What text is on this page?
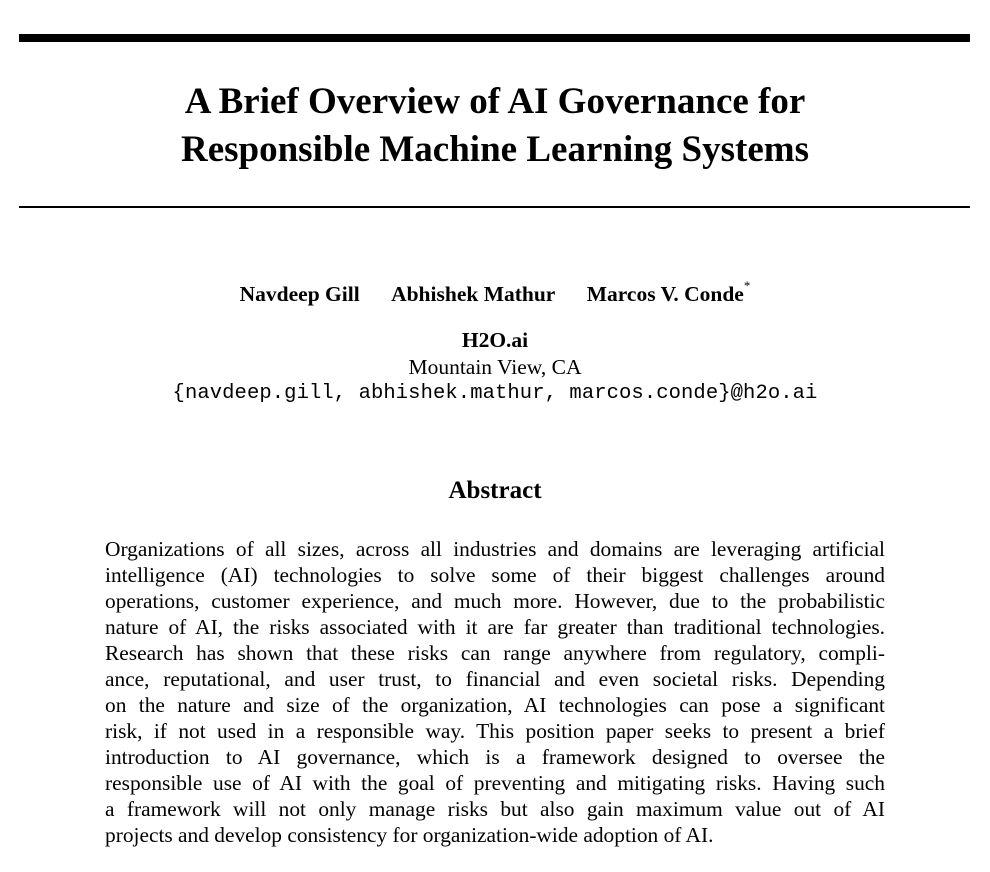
A Brief Overview of AI Governance for
Responsible Machine Learning Systems
Navdeep Gill Abhishek Mathur Marcos V. Conde*
H2O.ai
Mountain View, CA
{navdeep.gill, abhishek.mathur, marcos.conde}@h2o.ai
Abstract
Organizations of all sizes, across all industries and domains are leveraging artificial
intelligence (AI) technologies to solve some of their biggest challenges around
operations, customer experience, and much more. However, due to the probabilistic
nature of AI, the risks associated with it are far greater than traditional technologies.
Research has shown that these risks can range anywhere from regulatory, compli-
ance, reputational, and user trust, to financial and even societal risks. Depending
on the nature and size of the organization, AI technologies can pose a significant
risk, if not used in a responsible way. This position paper seeks to present a brief
introduction to AI governance, which is a framework designed to oversee the
responsible use of AI with the goal of preventing and mitigating risks. Having such
a framework will not only manage risks but also gain maximum value out of AI
projects and develop consistency for organization-wide adoption of AI.
